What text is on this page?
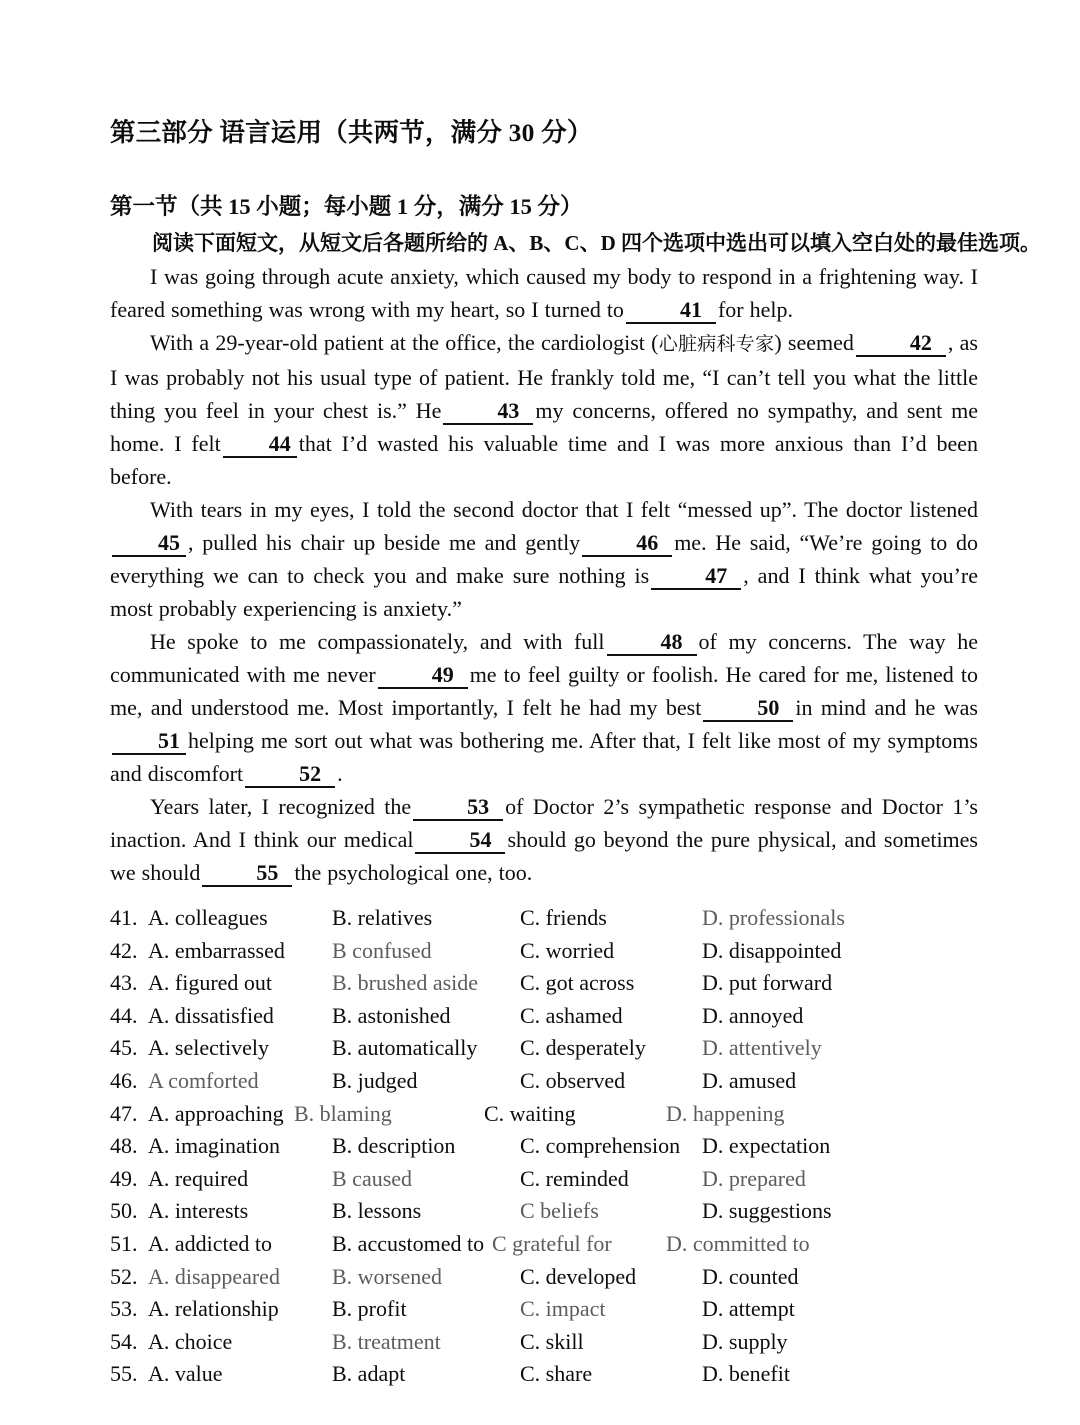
第三部分 语言运用（共两节，满分 30 分）
第一节（共 15 小题；每小题 1 分，满分 15 分）
阅读下面短文，从短文后各题所给的 A、B、C、D 四个选项中选出可以填入空白处的最佳选项。

I was going through acute anxiety, which caused my body to respond in a frightening way. I feared something was wrong with my heart, so I turned to	41 for help.

With a 29-year-old patient at the office, the cardiologist (心脏病科专家) seemed	42 , as I was probably not his usual type of patient. He frankly told me, “I can’t tell you what the little thing you feel in your chest is.” He	43 my concerns, offered no sympathy, and sent me home. I felt 44 that I’d wasted his valuable time and I was more anxious than I’d been before.

With tears in my eyes, I told the second doctor that I felt “messed up”. The doctor listened45 , pulled his chair up beside me and gently	46 me. He said, “We’re going to do everything we can to check you and make sure nothing is	47 , and I think what you’re most probably experiencing is anxiety.”

He spoke to me compassionately, and with full	48 of my concerns. The way he communicated with me never	49 me to feel guilty or foolish. He cared for me, listened to me, and understood me. Most importantly, I felt he had my best	50 in mind and he was51 helping me sort out what was bothering me. After that, I felt like most of my symptoms and discomfort	52 .

Years later, I recognized the	53 of Doctor 2’s sympathetic response and Doctor 1’s inaction. And I think our medical	54 should go beyond the pure physical, and sometimes we should	55 the psychological one, too.

41. A. colleagues	B. relatives	C. friends	D. professionals
42. A. embarrassed B confused	C. worried	D. disappointed
43. A. figured out	B. brushed aside C. got across	D. put forward
44. A. dissatisfied	B. astonished	C. ashamed	D. annoyed
45. A. selectively	B. automatically C. desperately	D. attentively
46. A comforted	B. judged	C. observed	D. amused
47. A. approaching B. blaming	C. waiting	D. happening
48. A. imagination B. description	C. comprehension D. expectation
49. A. required	B caused	C. reminded	D. prepared
50. A. interests	B. lessons	C beliefs	D. suggestions
51. A. addicted to	B. accustomed to C grateful for D. committed to
52. A. disappeared B. worsened	C. developed	D. counted
53. A. relationship B. profit	C. impact	D. attempt
54. A. choice	B. treatment	C. skill	D. supply
55. A. value	B. adapt	C. share	D. benefit
